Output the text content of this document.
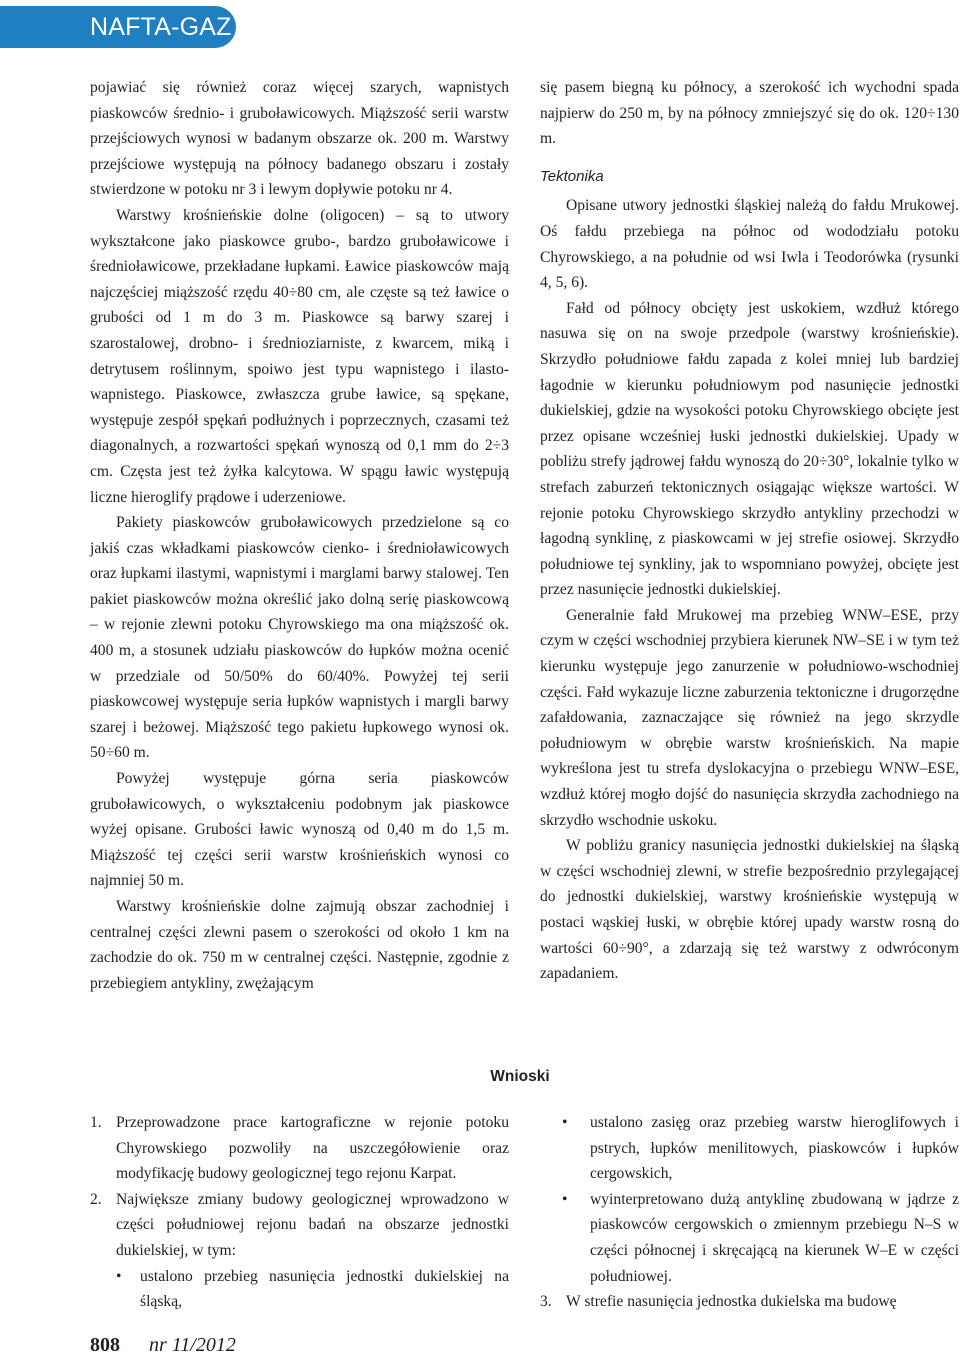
NAFTA-GAZ

pojawiać się również coraz więcej szarych, wapnistych piaskowców średnio- i gruboławicowych. Miąższość serii warstw przejściowych wynosi w badanym obszarze ok. 200 m. Warstwy przejściowe występują na północy badanego obszaru i zostały stwierdzone w potoku nr 3 i lewym dopływie potoku nr 4.

Warstwy krośnieńskie dolne (oligocen) – są to utwory wykształcone jako piaskowce grubo-, bardzo gruboławicowe i średnioławicowe, przekładane łupkami. Ławice piaskowców mają najczęściej miąższość rzędu 40÷80 cm, ale częste są też ławice o grubości od 1 m do 3 m. Piaskowce są barwy szarej i szarostalowej, drobno- i średnioziarniste, z kwarcem, miką i detrytusem roślinnym, spoiwo jest typu wapnistego i ilasto-wapnistego. Piaskowce, zwłaszcza grube ławice, są spękane, występuje zespół spękań podłużnych i poprzecznych, czasami też diagonalnych, a rozwartości spękań wynoszą od 0,1 mm do 2÷3 cm. Częsta jest też żyłka kalcytowa. W spągu ławic występują liczne hieroglify prądowe i uderzeniowe.

Pakiety piaskowców gruboławicowych przedzielone są co jakiś czas wkładkami piaskowców cienko- i średnioławicowych oraz łupkami ilastymi, wapnistymi i marglami barwy stalowej. Ten pakiet piaskowców można określić jako dolną serię piaskowcową – w rejonie zlewni potoku Chyrowskiego ma ona miąższość ok. 400 m, a stosunek udziału piaskowców do łupków można ocenić w przedziale od 50/50% do 60/40%. Powyżej tej serii piaskowcowej występuje seria łupków wapnistych i margli barwy szarej i beżowej. Miąższość tego pakietu łupkowego wynosi ok. 50÷60 m.

Powyżej występuje górna seria piaskowców gruboławicowych, o wykształceniu podobnym jak piaskowce wyżej opisane. Grubości ławic wynoszą od 0,40 m do 1,5 m. Miąższość tej części serii warstw krośnieńskich wynosi co najmniej 50 m.

Warstwy krośnieńskie dolne zajmują obszar zachodniej i centralnej części zlewni pasem o szerokości od około 1 km na zachodzie do ok. 750 m w centralnej części. Następnie, zgodnie z przebiegiem antykliny, zwężającym

się pasem biegną ku północy, a szerokość ich wychodni spada najpierw do 250 m, by na północy zmniejszyć się do ok. 120÷130 m.

Tektonika

Opisane utwory jednostki śląskiej należą do fałdu Mrukowej. Oś fałdu przebiega na północ od wododziału potoku Chyrowskiego, a na południe od wsi Iwla i Teodorówka (rysunki 4, 5, 6).

Fałd od północy obcięty jest uskokiem, wzdłuż którego nasuwa się on na swoje przedpole (warstwy krośnieńskie). Skrzydło południowe fałdu zapada z kolei mniej lub bardziej łagodnie w kierunku południowym pod nasunięcie jednostki dukielskiej, gdzie na wysokości potoku Chyrowskiego obcięte jest przez opisane wcześniej łuski jednostki dukielskiej. Upady w pobliżu strefy jądrowej fałdu wynoszą do 20÷30°, lokalnie tylko w strefach zaburzeń tektonicznych osiągając większe wartości. W rejonie potoku Chyrowskiego skrzydło antykliny przechodzi w łagodną synklinę, z piaskowcami w jej strefie osiowej. Skrzydło południowe tej synkliny, jak to wspomniano powyżej, obcięte jest przez nasunięcie jednostki dukielskiej.

Generalnie fałd Mrukowej ma przebieg WNW–ESE, przy czym w części wschodniej przybiera kierunek NW–SE i w tym też kierunku występuje jego zanurzenie w południowo-wschodniej części. Fałd wykazuje liczne zaburzenia tektoniczne i drugorzędne zafałdowania, zaznaczające się również na jego skrzydle południowym w obrębie warstw krośnieńskich. Na mapie wykreślona jest tu strefa dyslokacyjna o przebiegu WNW–ESE, wzdłuż której mogło dojść do nasunięcia skrzydła zachodniego na skrzydło wschodnie uskoku.

W pobliżu granicy nasunięcia jednostki dukielskiej na śląską w części wschodniej zlewni, w strefie bezpośrednio przylegającej do jednostki dukielskiej, warstwy krośnieńskie występują w postaci wąskiej łuski, w obrębie której upady warstw rosną do wartości 60÷90°, a zdarzają się też warstwy z odwróconym zapadaniem.

Wnioski
1. Przeprowadzone prace kartograficzne w rejonie potoku Chyrowskiego pozwoliły na uszczegółowienie oraz modyfikację budowy geologicznej tego rejonu Karpat.
2. Największe zmiany budowy geologicznej wprowadzono w części południowej rejonu badań na obszarze jednostki dukielskiej, w tym:
• ustalono przebieg nasunięcia jednostki dukielskiej na śląską,
• ustalono zasięg oraz przebieg warstw hieroglifowych i pstrych, łupków menilitowych, piaskowców i łupków cergowskich,
• wyinterpretowano dużą antyklinę zbudowaną w jądrze z piaskowców cergowskich o zmiennym przebiegu N–S w części północnej i skręcającą na kierunek W–E w części południowej.
3. W strefie nasunięcia jednostka dukielska ma budowę
808 nr 11/2012
